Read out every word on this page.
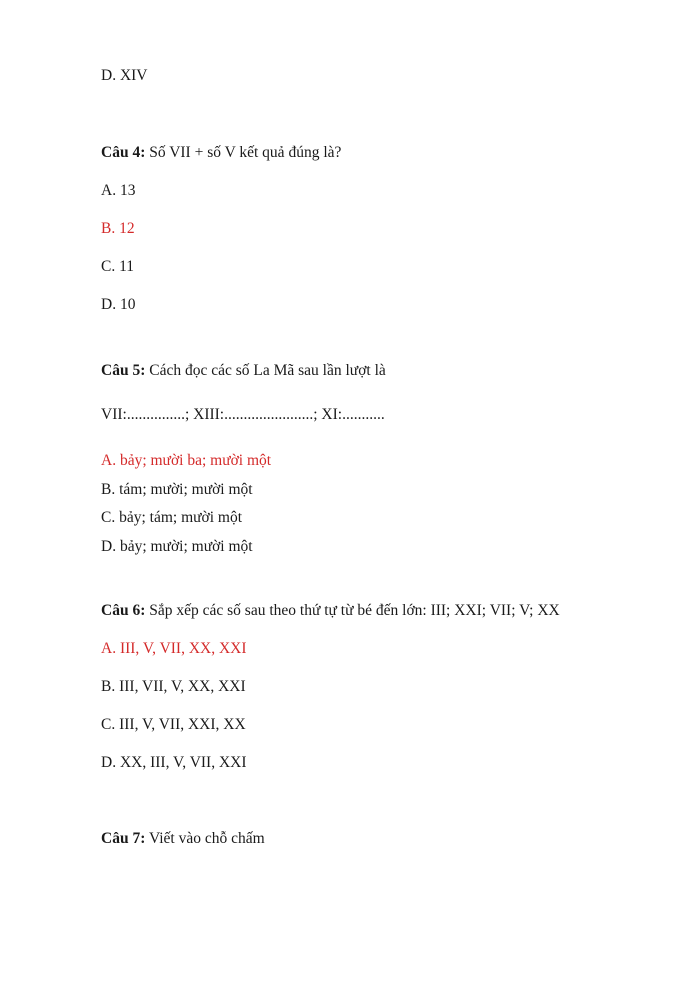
D. XIV
Câu 4: Số VII + số V kết quả đúng là?
A. 13
B. 12
C. 11
D. 10
Câu 5: Cách đọc các số La Mã sau lần lượt là
VII:...............; XIII:.......................; XI:...........
A. bảy; mười ba; mười một
B. tám; mười; mười một
C. bảy; tám; mười một
D. bảy; mười; mười một
Câu 6: Sắp xếp các số sau theo thứ tự từ bé đến lớn: III; XXI; VII; V; XX
A. III, V, VII, XX, XXI
B. III, VII, V, XX, XXI
C. III, V, VII, XXI, XX
D. XX, III, V, VII, XXI
Câu 7: Viết vào chỗ chấm
